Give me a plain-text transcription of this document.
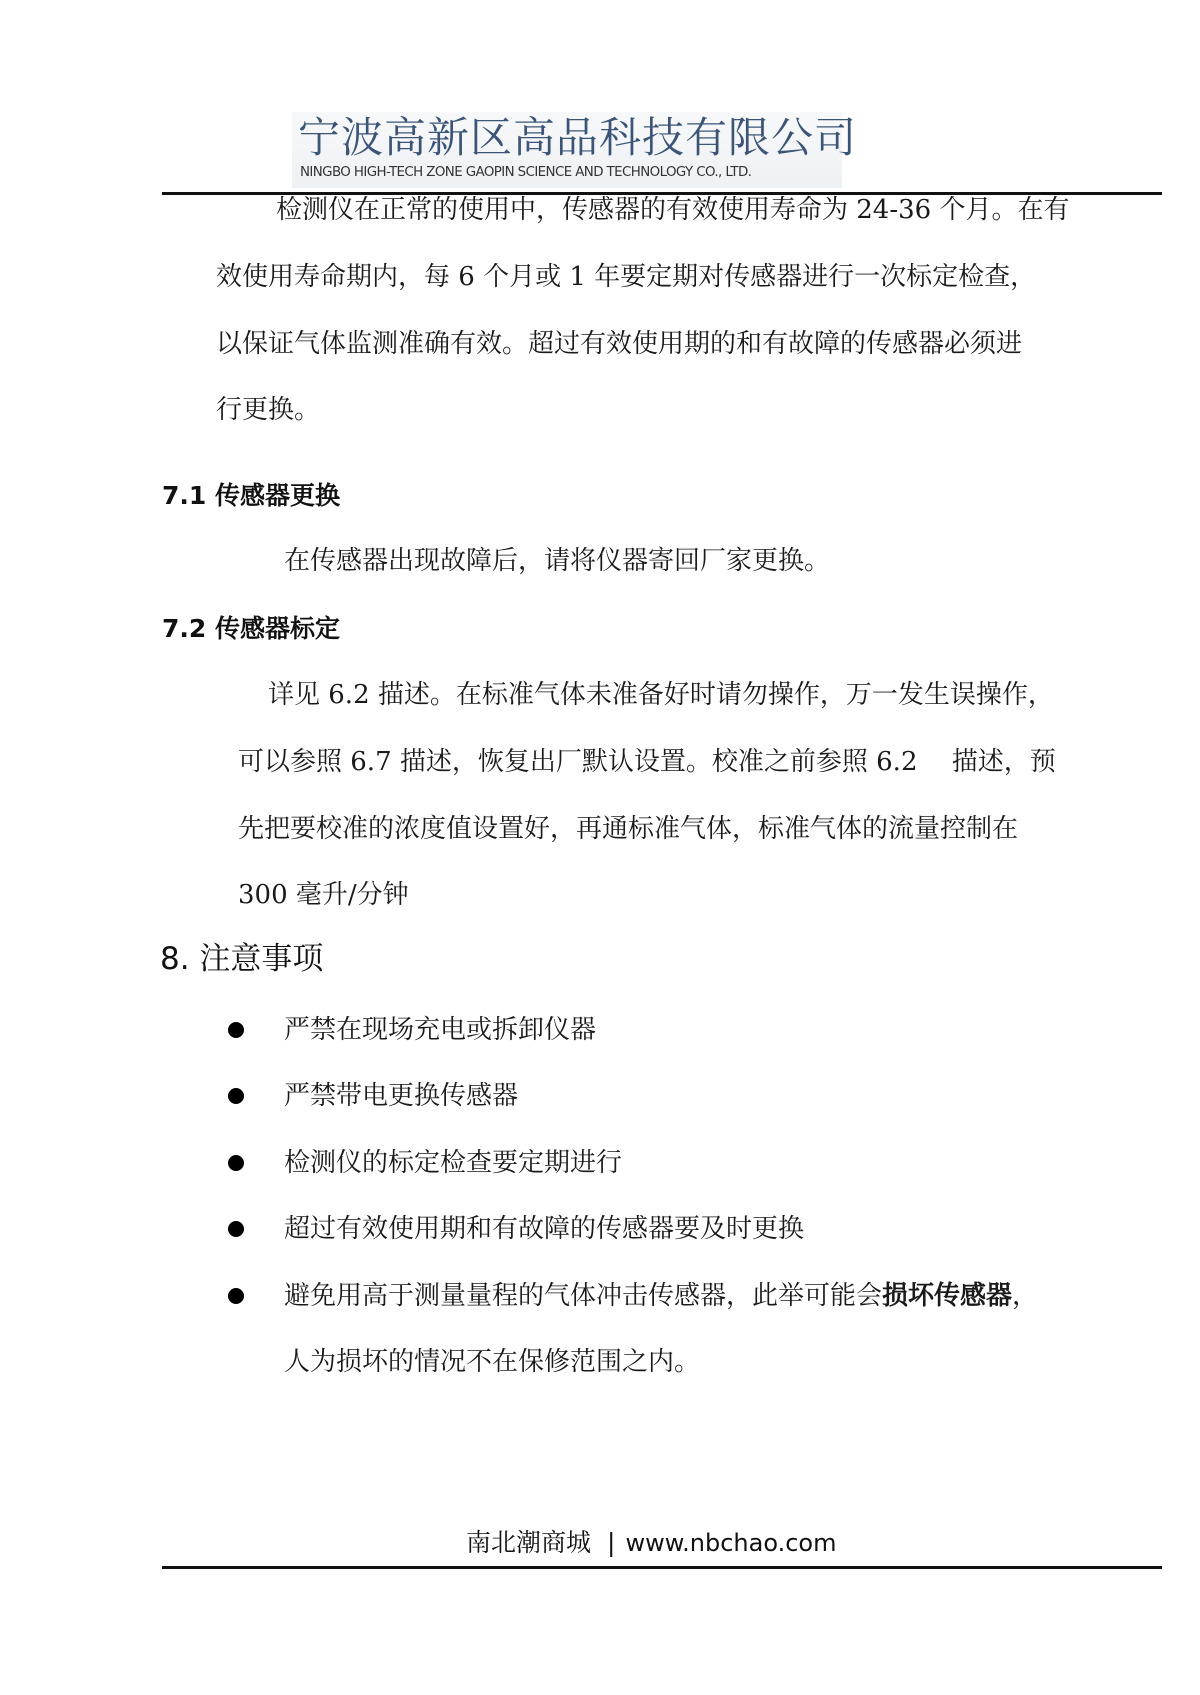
宁波高新区高品科技有限公司
NINGBO HIGH-TECH ZONE GAOPIN SCIENCE AND TECHNOLOGY CO., LTD.
检测仪在正常的使用中，传感器的有效使用寿命为 24-36 个月。在有
效使用寿命期内，每 6 个月或 1 年要定期对传感器进行一次标定检查，
以保证气体监测准确有效。超过有效使用期的和有故障的传感器必须进
行更换。
7.1 传感器更换
在传感器出现故障后，请将仪器寄回厂家更换。
7.2 传感器标定
详见 6.2 描述。在标准气体未准备好时请勿操作，万一发生误操作，
可以参照 6.7 描述，恢复出厂默认设置。校准之前参照 6.2　 描述，预
先把要校准的浓度值设置好，再通标准气体，标准气体的流量控制在
300 毫升/分钟
8. 注意事项
严禁在现场充电或拆卸仪器
严禁带电更换传感器
检测仪的标定检查要定期进行
超过有效使用期和有故障的传感器要及时更换
避免用高于测量量程的气体冲击传感器，此举可能会损坏传感器，
人为损坏的情况不在保修范围之内。
南北潮商城 | www.nbchao.com
